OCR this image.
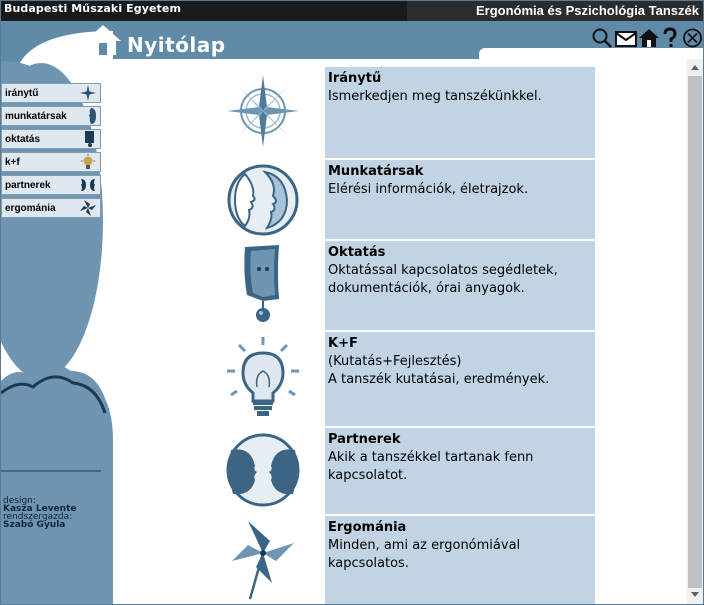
Budapesti Műszaki Egyetem	Ergonómia és Pszichológia Tanszék
Nyitólap
iránytű
munkatársak
oktatás
k+f
partnerek
ergománia
design:
Kasza Levente
rendszergazda:
Szabó Gyula
Iránytű
Ismerkedjen meg tanszékünkkel.
Munkatársak
Elérési információk, életrajzok.
Oktatás
Oktatással kapcsolatos segédletek,
dokumentációk, órai anyagok.
K+F
(Kutatás+Fejlesztés)
A tanszék kutatásai, eredmények.
Partnerek
Akik a tanszékkel tartanak fenn
kapcsolatot.
Ergománia
Minden, ami az ergonómiával
kapcsolatos.
